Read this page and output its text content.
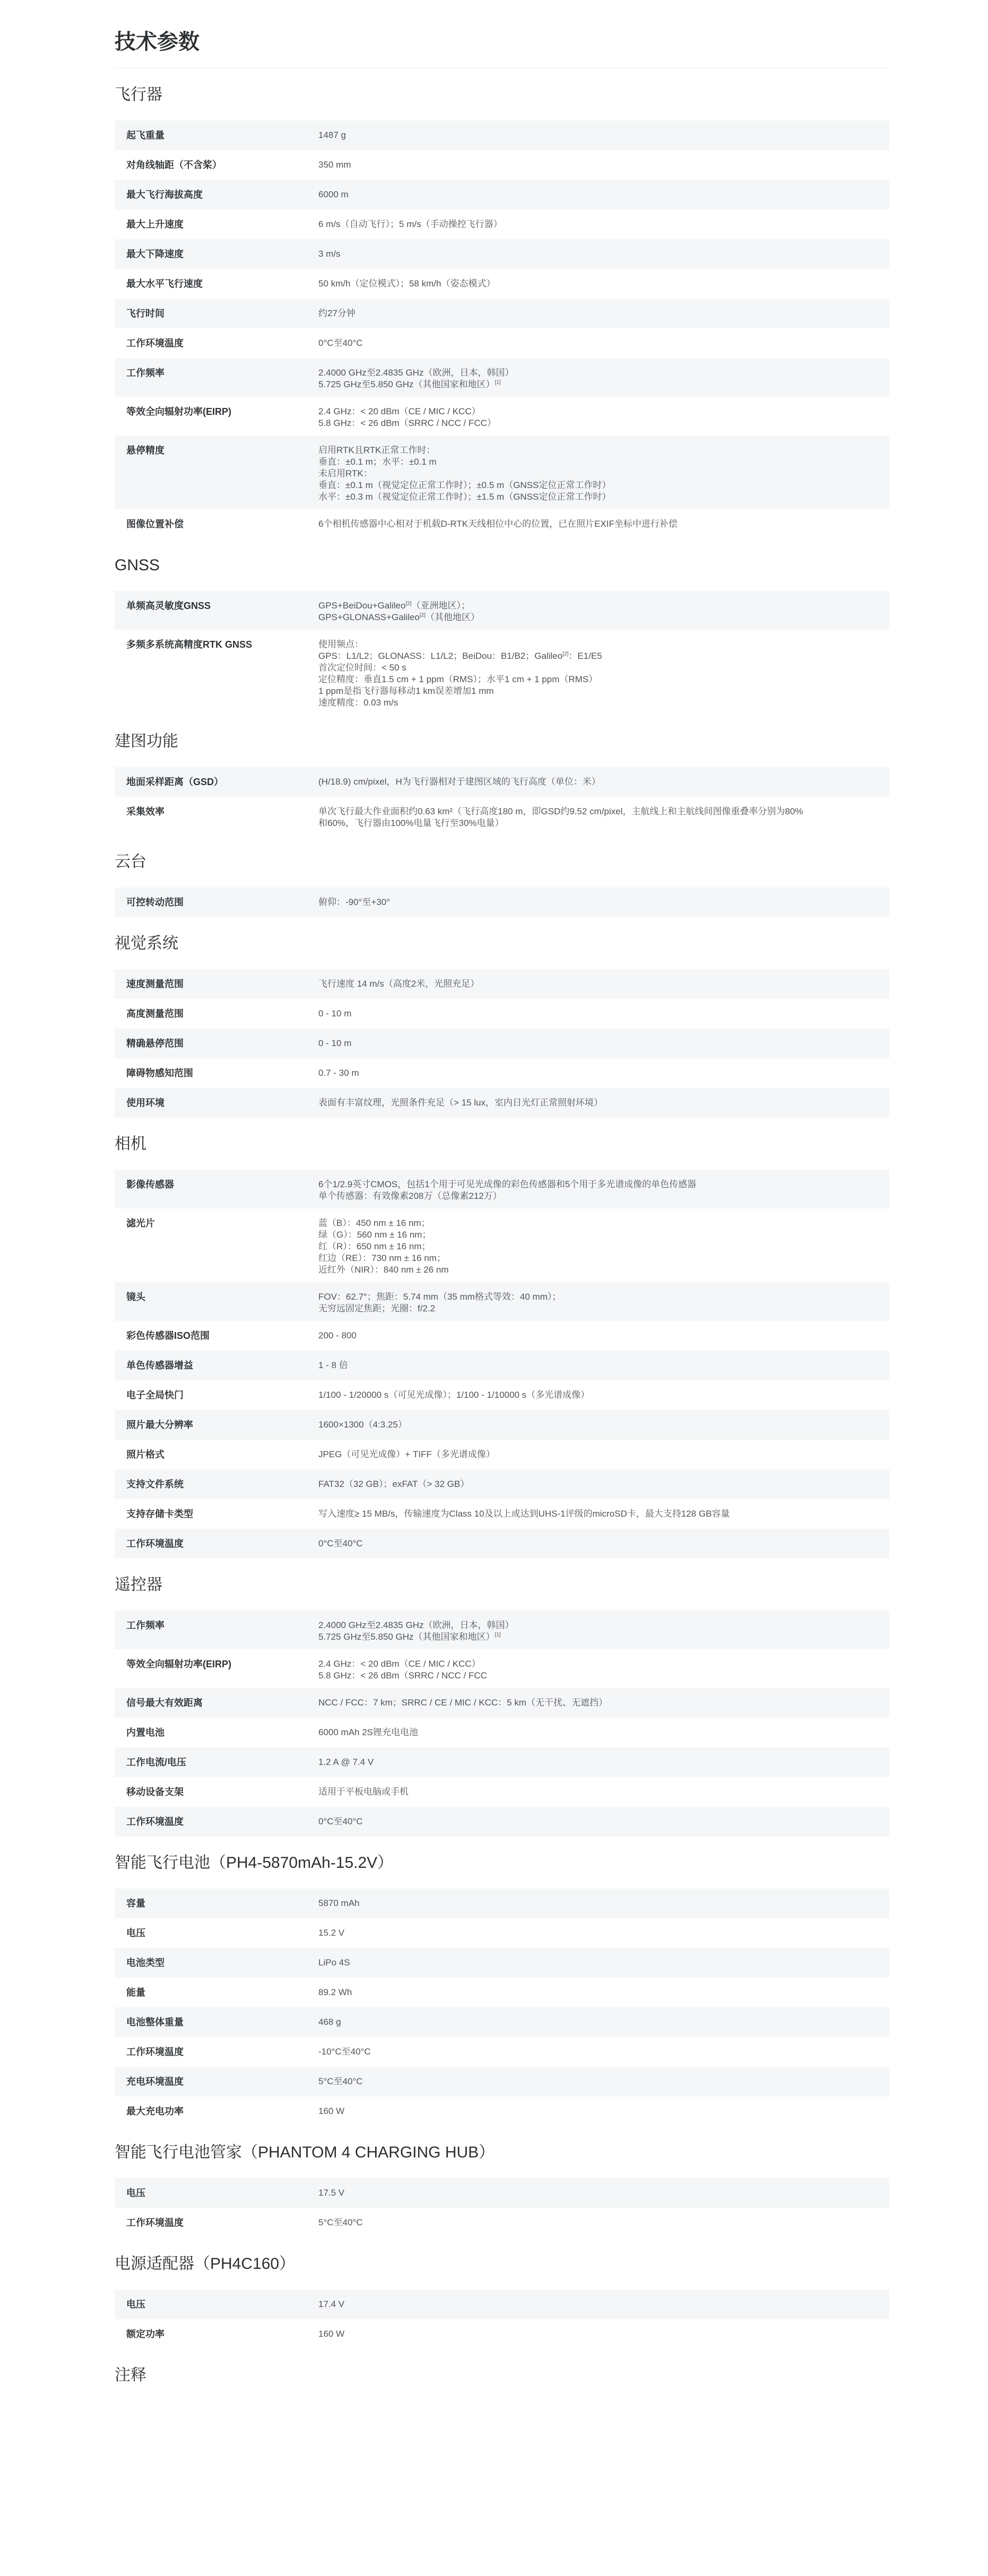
技术参数
飞行器
起飞重量	1487 g
对角线轴距（不含桨）	350 mm
最大飞行海拔高度	6000 m
最大上升速度	6 m/s（自动飞行）；5 m/s（手动操控飞行器）
最大下降速度	3 m/s
最大水平飞行速度	50 km/h（定位模式）；58 km/h（姿态模式）
飞行时间	约27分钟
工作环境温度	0°C至40°C
工作频率	2.4000 GHz至2.4835 GHz（欧洲，日本，韩国）
5.725 GHz至5.850 GHz（其他国家和地区）[1]
等效全向辐射功率(EIRP)	2.4 GHz：< 20 dBm（CE / MIC / KCC）
5.8 GHz：< 26 dBm（SRRC / NCC / FCC）
悬停精度	启用RTK且RTK正常工作时：
垂直：±0.1 m；水平：±0.1 m
未启用RTK：
垂直：±0.1 m（视觉定位正常工作时）；±0.5 m（GNSS定位正常工作时）
水平：±0.3 m（视觉定位正常工作时）；±1.5 m（GNSS定位正常工作时）
图像位置补偿	6个相机传感器中心相对于机载D-RTK天线相位中心的位置，已在照片EXIF坐标中进行补偿
GNSS
单频高灵敏度GNSS	GPS+BeiDou+Galileo[2]（亚洲地区）；
GPS+GLONASS+Galileo[2]（其他地区）
多频多系统高精度RTK GNSS	使用频点：
GPS：L1/L2；GLONASS：L1/L2；BeiDou：B1/B2；Galileo[2]：E1/E5
首次定位时间：< 50 s
定位精度：垂直1.5 cm + 1 ppm（RMS）；水平1 cm + 1 ppm（RMS）
1 ppm是指飞行器每移动1 km误差增加1 mm
速度精度：0.03 m/s
建图功能
地面采样距离（GSD）	(H/18.9) cm/pixel，H为飞行器相对于建图区域的飞行高度（单位：米）
采集效率	单次飞行最大作业面积约0.63 km²（飞行高度180 m，即GSD约9.52 cm/pixel，主航线上和主航线间图像重叠率分别为80%
和60%，飞行器由100%电量飞行至30%电量）
云台
可控转动范围	俯仰：-90°至+30°
视觉系统
速度测量范围	飞行速度 14 m/s（高度2米，光照充足）
高度测量范围	0 - 10 m
精确悬停范围	0 - 10 m
障碍物感知范围	0.7 - 30 m
使用环境	表面有丰富纹理，光照条件充足（> 15 lux，室内日光灯正常照射环境）
相机
影像传感器	6个1/2.9英寸CMOS，包括1个用于可见光成像的彩色传感器和5个用于多光谱成像的单色传感器
单个传感器：有效像素208万（总像素212万）
滤光片	蓝（B）：450 nm ± 16 nm；
绿（G）：560 nm ± 16 nm；
红（R）：650 nm ± 16 nm；
红边（RE）：730 nm ± 16 nm；
近红外（NIR）：840 nm ± 26 nm
镜头	FOV：62.7°；焦距：5.74 mm（35 mm格式等效：40 mm）；
无穷远固定焦距；光圈：f/2.2
彩色传感器ISO范围	200 - 800
单色传感器增益	1 - 8 倍
电子全局快门	1/100 - 1/20000 s（可见光成像）；1/100 - 1/10000 s（多光谱成像）
照片最大分辨率	1600×1300（4:3.25）
照片格式	JPEG（可见光成像）+ TIFF（多光谱成像）
支持文件系统	FAT32（32 GB）；exFAT（> 32 GB）
支持存储卡类型	写入速度≥ 15 MB/s，传输速度为Class 10及以上或达到UHS-1评级的microSD卡，最大支持128 GB容量
工作环境温度	0°C至40°C
遥控器
工作频率	2.4000 GHz至2.4835 GHz（欧洲，日本，韩国）
5.725 GHz至5.850 GHz（其他国家和地区）[1]
等效全向辐射功率(EIRP)	2.4 GHz：< 20 dBm（CE / MIC / KCC）
5.8 GHz：< 26 dBm（SRRC / NCC / FCC
信号最大有效距离	NCC / FCC：7 km；SRRC / CE / MIC / KCC：5 km（无干扰、无遮挡）
内置电池	6000 mAh 2S锂充电电池
工作电流/电压	1.2 A @ 7.4 V
移动设备支架	适用于平板电脑或手机
工作环境温度	0°C至40°C
智能飞行电池（PH4-5870mAh-15.2V）
容量	5870 mAh
电压	15.2 V
电池类型	LiPo 4S
能量	89.2 Wh
电池整体重量	468 g
工作环境温度	-10°C至40°C
充电环境温度	5°C至40°C
最大充电功率	160 W
智能飞行电池管家（PHANTOM 4 CHARGING HUB）
电压	17.5 V
工作环境温度	5°C至40°C
电源适配器（PH4C160）
电压	17.4 V
额定功率	160 W
注释
